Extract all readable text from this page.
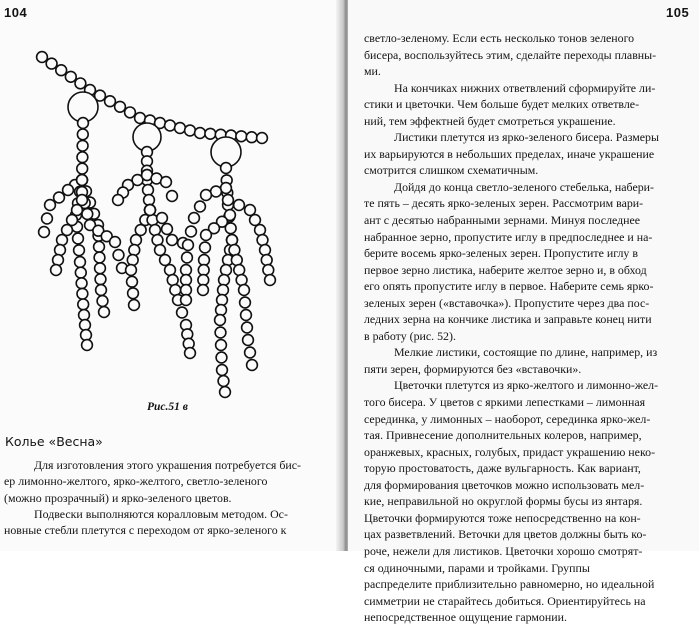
104
Рис.51 в
Колье «Весна»

Для изготовления этого украшения потребуется бис-
ер лимонно-желтого, ярко-желтого, светло-зеленого
(можно прозрачный) и ярко-зеленого цветов.

Подвески выполняются коралловым методом. Ос-
новные стебли плетутся с переходом от ярко-зеленого к

105

светло-зеленому. Если есть несколько тонов зеленого
бисера, воспользуйтесь этим, сделайте переходы плавны-
ми.

На кончиках нижних ответвлений сформируйте ли-
стики и цветочки. Чем больше будет мелких ответвле-
ний, тем эффектней будет смотреться украшение.

Листики плетутся из ярко-зеленого бисера. Размеры
их варьируются в небольших пределах, иначе украшение
смотрится слишком схематичным.

Дойдя до конца светло-зеленого стебелька, набери-
те пять – десять ярко-зеленых зерен. Рассмотрим вари-
ант с десятью набранными зернами. Минуя последнее
набранное зерно, пропустите иглу в предпоследнее и на-
берите восемь ярко-зеленых зерен. Пропустите иглу в
первое зерно листика, наберите желтое зерно и, в обход
его опять пропустите иглу в первое. Наберите семь ярко-
зеленых зерен («вставочка»). Пропустите через два пос-
ледних зерна на кончике листика и заправьте конец нити
в работу (рис. 52).

Мелкие листики, состоящие по длине, например, из
пяти зерен, формируются без «вставочки».

Цветочки плетутся из ярко-желтого и лимонно-жел-
того бисера. У цветов с яркими лепестками – лимонная
серединка, у лимонных – наоборот, серединка ярко-жел-
тая. Привнесение дополнительных колеров, например,
оранжевых, красных, голубых, придаст украшению неко-
торую простоватость, даже вульгарность. Как вариант,
для формирования цветочков можно использовать мел-
кие, неправильной но округлой формы бусы из янтаря.
Цветочки формируются тоже непосредственно на кон-
цах разветвлений. Веточки для цветов должны быть ко-
роче, нежели для листиков. Цветочки хорошо смотрят-
ся одиночными, парами и тройками. Группы
распределите приблизительно равномерно, но идеальной
симметрии не старайтесь добиться. Ориентируйтесь на
непосредственное ощущение гармонии.
